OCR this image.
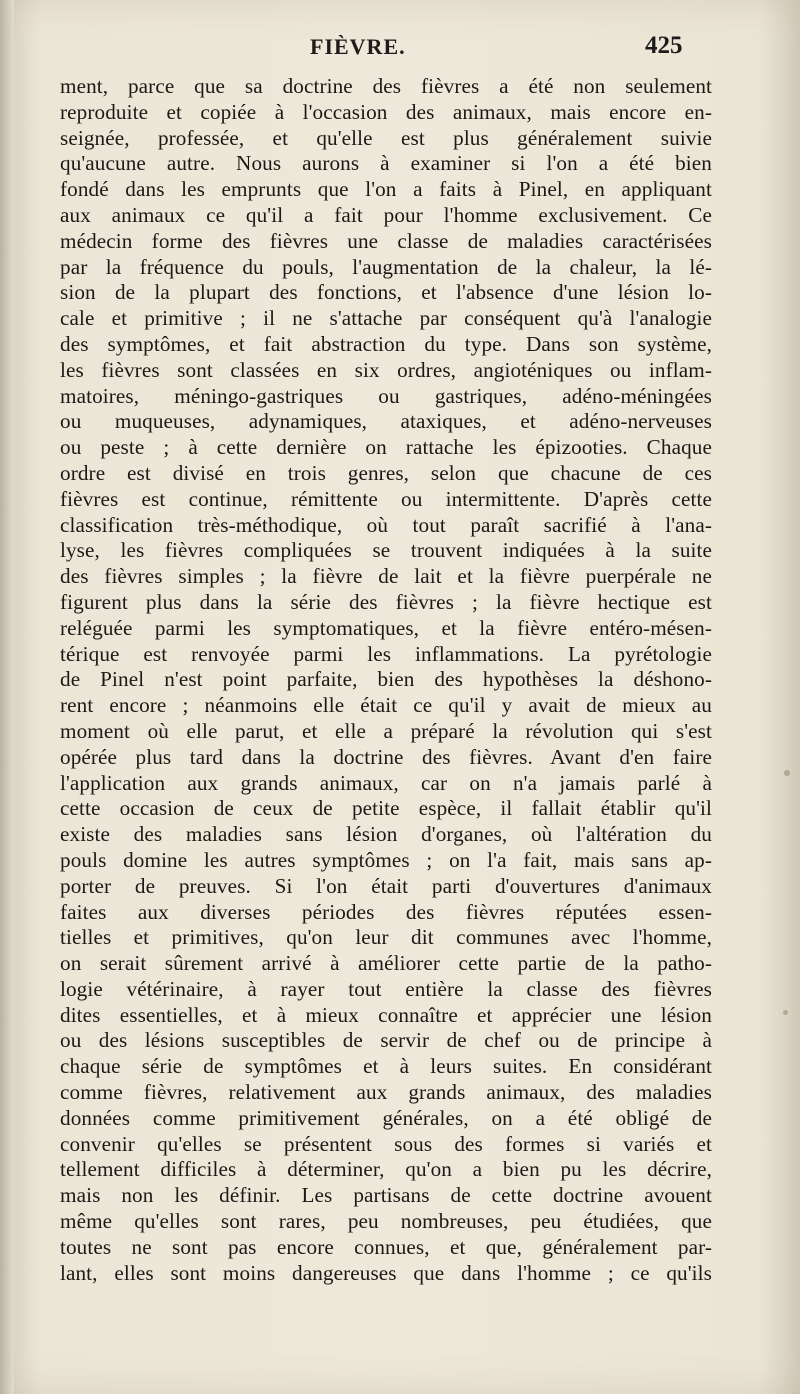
FIÈVRE.	425
ment, parce que sa doctrine des fièvres a été non seulement
reproduite et copiée à l'occasion des animaux, mais encore en-
seignée, professée, et qu'elle est plus généralement suivie
qu'aucune autre. Nous aurons à examiner si l'on a été bien
fondé dans les emprunts que l'on a faits à Pinel, en appliquant
aux animaux ce qu'il a fait pour l'homme exclusivement. Ce
médecin forme des fièvres une classe de maladies caractérisées
par la fréquence du pouls, l'augmentation de la chaleur, la lé-
sion de la plupart des fonctions, et l'absence d'une lésion lo-
cale et primitive ; il ne s'attache par conséquent qu'à l'analogie
des symptômes, et fait abstraction du type. Dans son système,
les fièvres sont classées en six ordres, angioténiques ou inflam-
matoires, méningo-gastriques ou gastriques, adéno-méningées
ou muqueuses, adynamiques, ataxiques, et adéno-nerveuses
ou peste ; à cette dernière on rattache les épizooties. Chaque
ordre est divisé en trois genres, selon que chacune de ces
fièvres est continue, rémittente ou intermittente. D'après cette
classification très-méthodique, où tout paraît sacrifié à l'ana-
lyse, les fièvres compliquées se trouvent indiquées à la suite
des fièvres simples ; la fièvre de lait et la fièvre puerpérale ne
figurent plus dans la série des fièvres ; la fièvre hectique est
reléguée parmi les symptomatiques, et la fièvre entéro-mésen-
térique est renvoyée parmi les inflammations. La pyrétologie
de Pinel n'est point parfaite, bien des hypothèses la déshono-
rent encore ; néanmoins elle était ce qu'il y avait de mieux au
moment où elle parut, et elle a préparé la révolution qui s'est
opérée plus tard dans la doctrine des fièvres. Avant d'en faire
l'application aux grands animaux, car on n'a jamais parlé à
cette occasion de ceux de petite espèce, il fallait établir qu'il
existe des maladies sans lésion d'organes, où l'altération du
pouls domine les autres symptômes ; on l'a fait, mais sans ap-
porter de preuves. Si l'on était parti d'ouvertures d'animaux
faites aux diverses périodes des fièvres réputées essen-
tielles et primitives, qu'on leur dit communes avec l'homme,
on serait sûrement arrivé à améliorer cette partie de la patho-
logie vétérinaire, à rayer tout entière la classe des fièvres
dites essentielles, et à mieux connaître et apprécier une lésion
ou des lésions susceptibles de servir de chef ou de principe à
chaque série de symptômes et à leurs suites. En considérant
comme fièvres, relativement aux grands animaux, des maladies
données comme primitivement générales, on a été obligé de
convenir qu'elles se présentent sous des formes si variés et
tellement difficiles à déterminer, qu'on a bien pu les décrire,
mais non les définir. Les partisans de cette doctrine avouent
même qu'elles sont rares, peu nombreuses, peu étudiées, que
toutes ne sont pas encore connues, et que, généralement par-
lant, elles sont moins dangereuses que dans l'homme ; ce qu'ils
